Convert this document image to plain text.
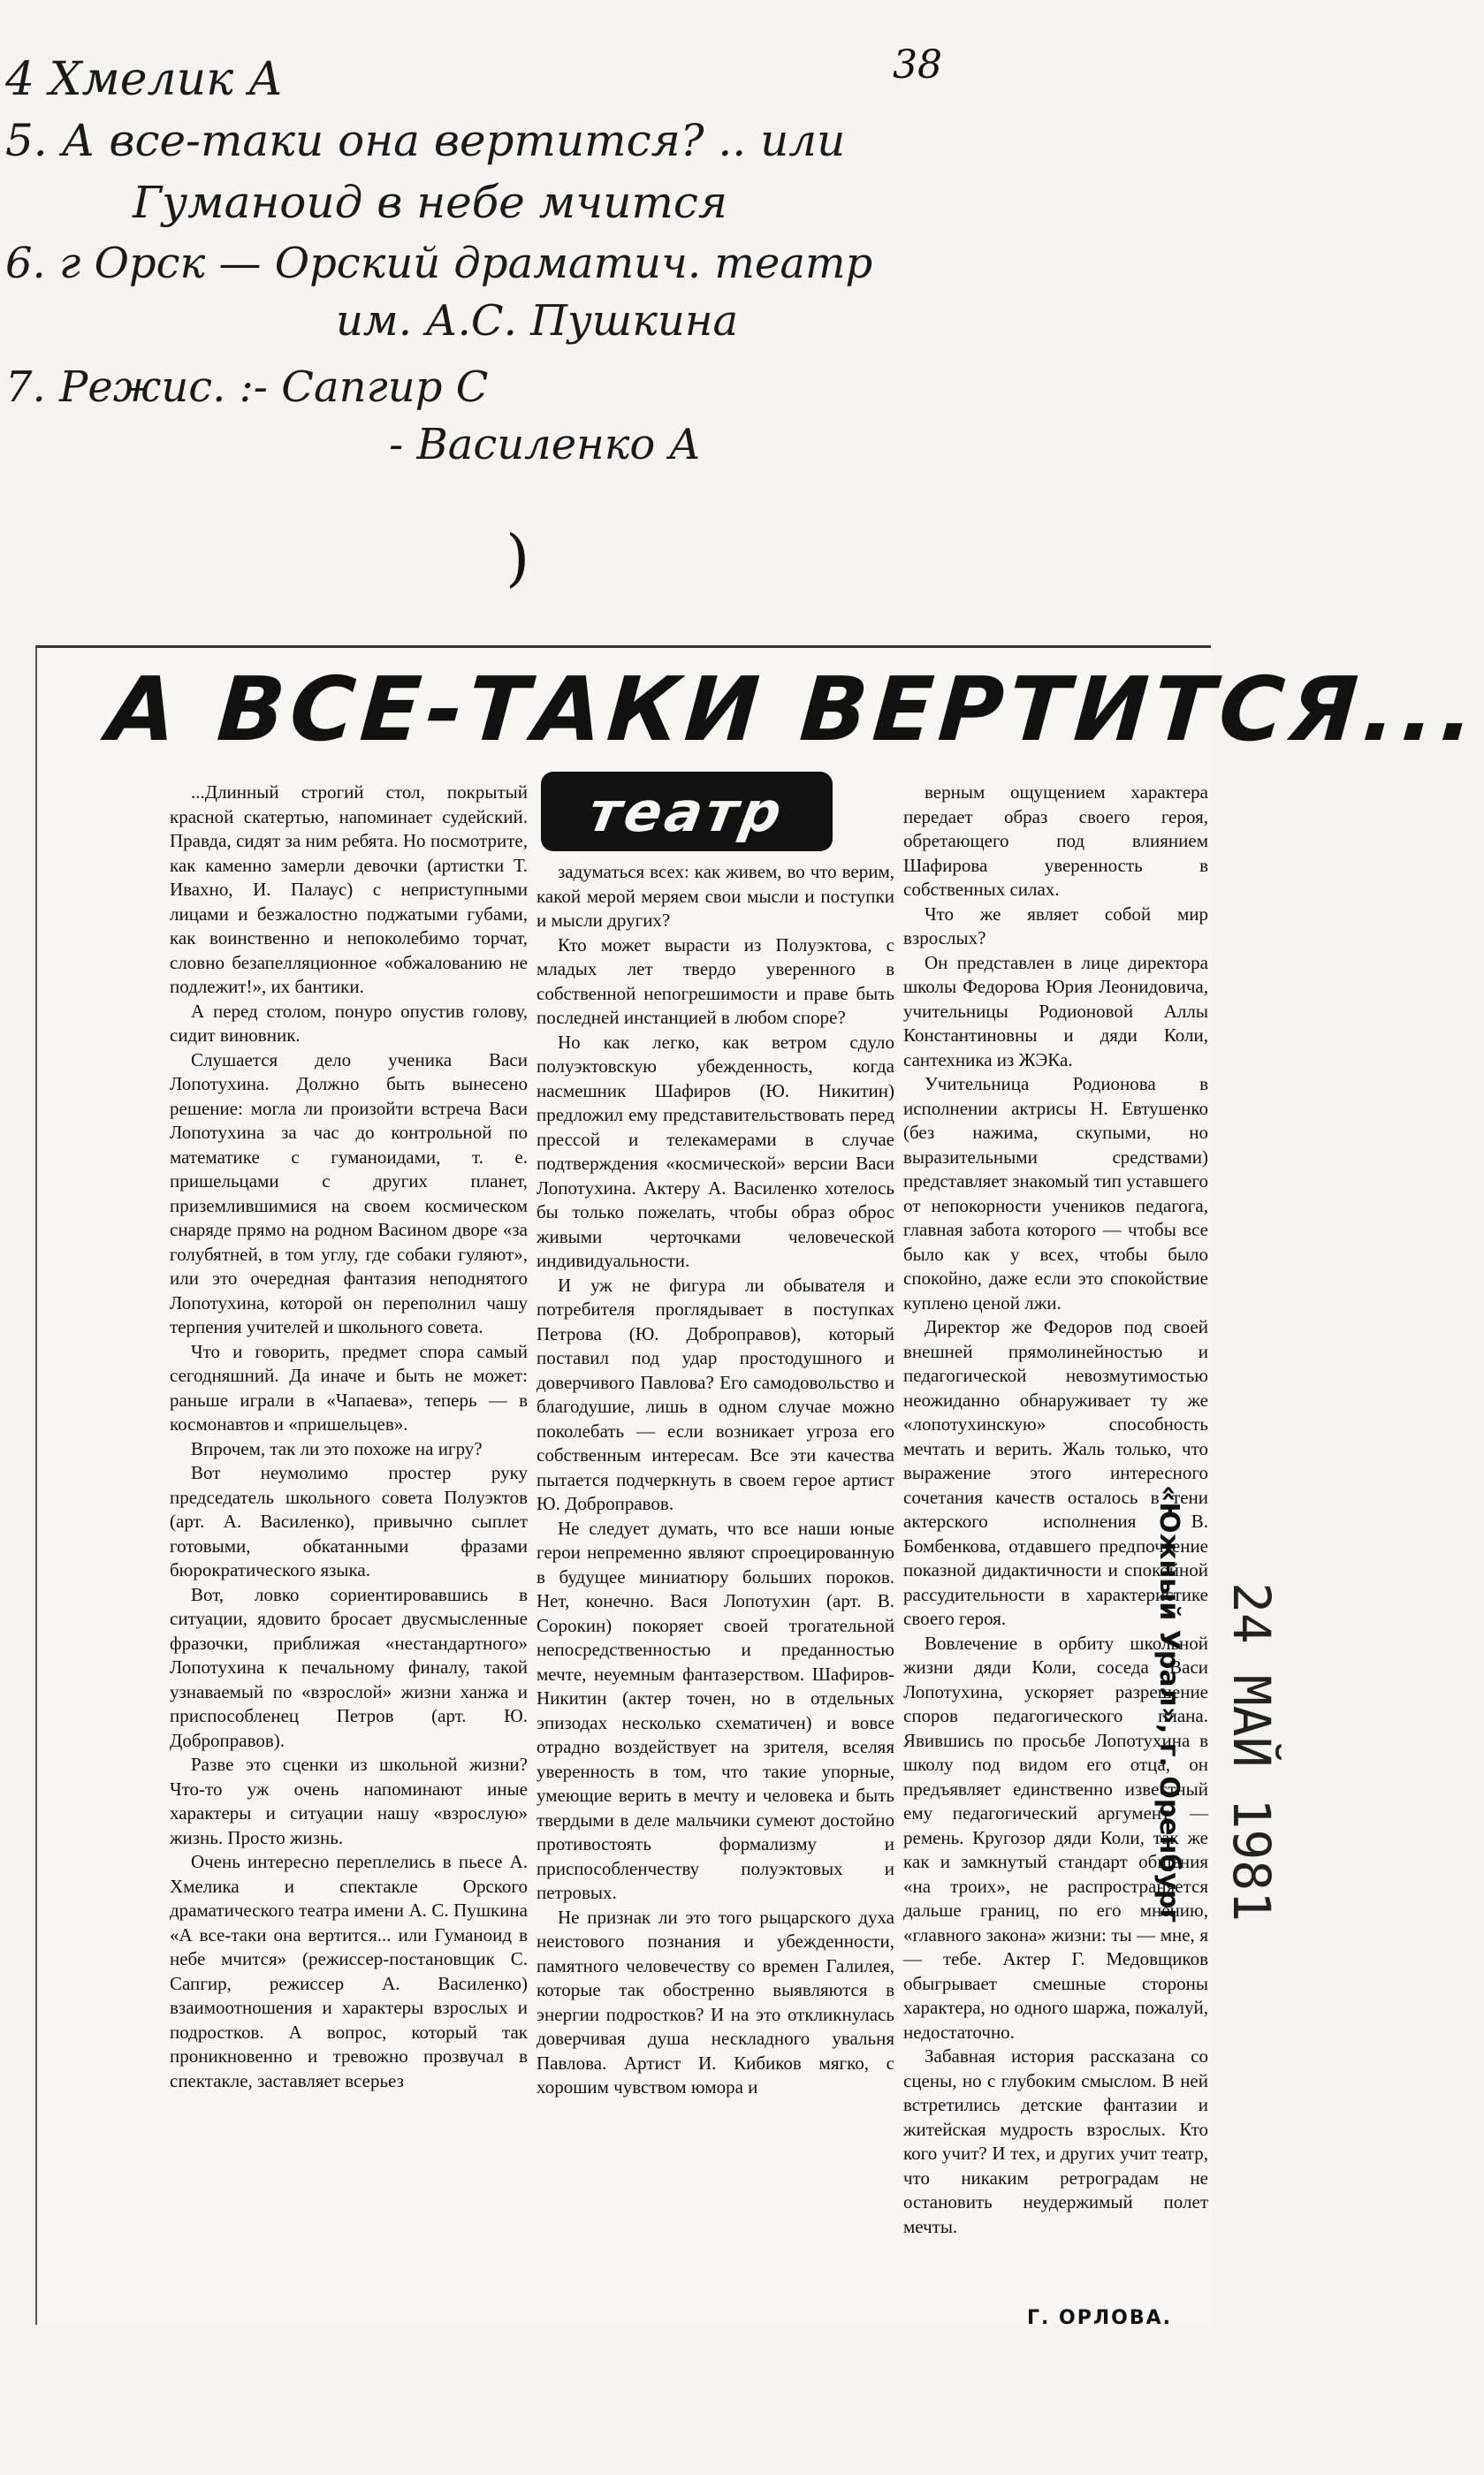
38
4 Хмелик А
5. А все-таки она вертится? .. или
Гуманоид в небе мчится
6. г Орск — Орский драматич. театр
им. А.С. Пушкина
7. Режис. :- Сапгир С
- Василенко А
)
А ВСЕ-ТАКИ ВЕРТИТСЯ...

...Длинный строгий стол, покрытый красной скатертью, напоминает судейский. Правда, сидят за ним ребята. Но посмотрите, как каменно замерли девочки (артистки Т. Ивахно, И. Палаус) с неприступными лицами и безжалостно поджатыми губами, как воинственно и непоколебимо торчат, словно безапелляционное «обжалованию не подлежит!», их бантики.

А перед столом, понуро опустив голову, сидит виновник.

Слушается дело ученика Васи Лопотухина. Должно быть вынесено решение: могла ли произойти встреча Васи Лопотухина за час до контрольной по математике с гуманоидами, т. е. пришельцами с других планет, приземлившимися на своем космическом снаряде прямо на родном Васином дворе «за голубятней, в том углу, где собаки гуляют», или это очередная фантазия неподнятого Лопотухина, которой он переполнил чашу терпения учителей и школьного совета.

Что и говорить, предмет спора самый сегодняшний. Да иначе и быть не может: раньше играли в «Чапаева», теперь — в космонавтов и «пришельцев».

Впрочем, так ли это похоже на игру?

Вот неумолимо простер руку председатель школьного совета Полуэктов (арт. А. Василенко), привычно сыплет готовыми, обкатанными фразами бюрократического языка.

Вот, ловко сориентировавшись в ситуации, ядовито бросает двусмысленные фразочки, приближая «нестандартного» Лопотухина к печальному финалу, такой узнаваемый по «взрослой» жизни ханжа и приспособленец Петров (арт. Ю. Доброправов).

Разве это сценки из школьной жизни? Что-то уж очень напоминают иные характеры и ситуации нашу «взрослую» жизнь. Просто жизнь.

Очень интересно переплелись в пьесе А. Хмелика и спектакле Орского драматического театра имени А. С. Пушкина «А все-таки она вертится... или Гуманоид в небе мчится» (режиссер-постановщик С. Сапгир, режиссер А. Василенко) взаимоотношения и характеры взрослых и подростков. А вопрос, который так проникновенно и тревожно прозвучал в спектакле, заставляет всерьез

театр

задуматься всех: как живем, во что верим, какой мерой меряем свои мысли и поступки и мысли других?

Кто может вырасти из Полуэктова, с младых лет твердо уверенного в собственной непогрешимости и праве быть последней инстанцией в любом споре?

Но как легко, как ветром сдуло полуэктовскую убежденность, когда насмешник Шафиров (Ю. Никитин) предложил ему представительствовать перед прессой и телекамерами в случае подтверждения «космической» версии Васи Лопотухина. Актеру А. Василенко хотелось бы только пожелать, чтобы образ оброс живыми черточками человеческой индивидуальности.

И уж не фигура ли обывателя и потребителя проглядывает в поступках Петрова (Ю. Доброправов), который поставил под удар простодушного и доверчивого Павлова? Его самодовольство и благодушие, лишь в одном случае можно поколебать — если возникает угроза его собственным интересам. Все эти качества пытается подчеркнуть в своем герое артист Ю. Доброправов.

Не следует думать, что все наши юные герои непременно являют спроецированную в будущее миниатюру больших пороков. Нет, конечно. Вася Лопотухин (арт. В. Сорокин) покоряет своей трогательной непосредственностью и преданностью мечте, неуемным фантазерством. Шафиров-Никитин (актер точен, но в отдельных эпизодах несколько схематичен) и вовсе отрадно воздействует на зрителя, вселяя уверенность в том, что такие упорные, умеющие верить в мечту и человека и быть твердыми в деле мальчики сумеют достойно противостоять формализму и приспособленчеству полуэктовых и петровых.

Не признак ли это того рыцарского духа неистового познания и убежденности, памятного человечеству со времен Галилея, которые так обостренно выявляются в энергии подростков? И на это откликнулась доверчивая душа нескладного увальня Павлова. Артист И. Кибиков мягко, с хорошим чувством юмора и

верным ощущением характера передает образ своего героя, обретающего под влиянием Шафирова уверенность в собственных силах.

Что же являет собой мир взрослых?

Он представлен в лице директора школы Федорова Юрия Леонидовича, учительницы Родионовой Аллы Константиновны и дяди Коли, сантехника из ЖЭКа.

Учительница Родионова в исполнении актрисы Н. Евтушенко (без нажима, скупыми, но выразительными средствами) представляет знакомый тип уставшего от непокорности учеников педагога, главная забота которого — чтобы все было как у всех, чтобы было спокойно, даже если это спокойствие куплено ценой лжи.

Директор же Федоров под своей внешней прямолинейностью и педагогической невозмутимостью неожиданно обнаруживает ту же «лопотухинскую» способность мечтать и верить. Жаль только, что выражение этого интересного сочетания качеств осталось в тени актерского исполнения В. Бомбенкова, отдавшего предпочтение показной дидактичности и спокойной рассудительности в характеристике своего героя.

Вовлечение в орбиту школьной жизни дяди Коли, соседа Васи Лопотухина, ускоряет разрешение споров педагогического плана. Явившись по просьбе Лопотухина в школу под видом его отца, он предъявляет единственно известный ему педагогический аргумент — ремень. Кругозор дяди Коли, так же как и замкнутый стандарт общения «на троих», не распространяется дальше границ, по его мнению, «главного закона» жизни: ты — мне, я — тебе. Актер Г. Медовщиков обыгрывает смешные стороны характера, но одного шаржа, пожалуй, недостаточно.

Забавная история рассказана со сцены, но с глубоким смыслом. В ней встретились детские фантазии и житейская мудрость взрослых. Кто кого учит? И тех, и других учит театр, что никаким ретроградам не остановить неудержимый полет мечты.

Г. ОРЛОВА.
«Южный Урал», г. Оренбург 24 МАЙ 1981
